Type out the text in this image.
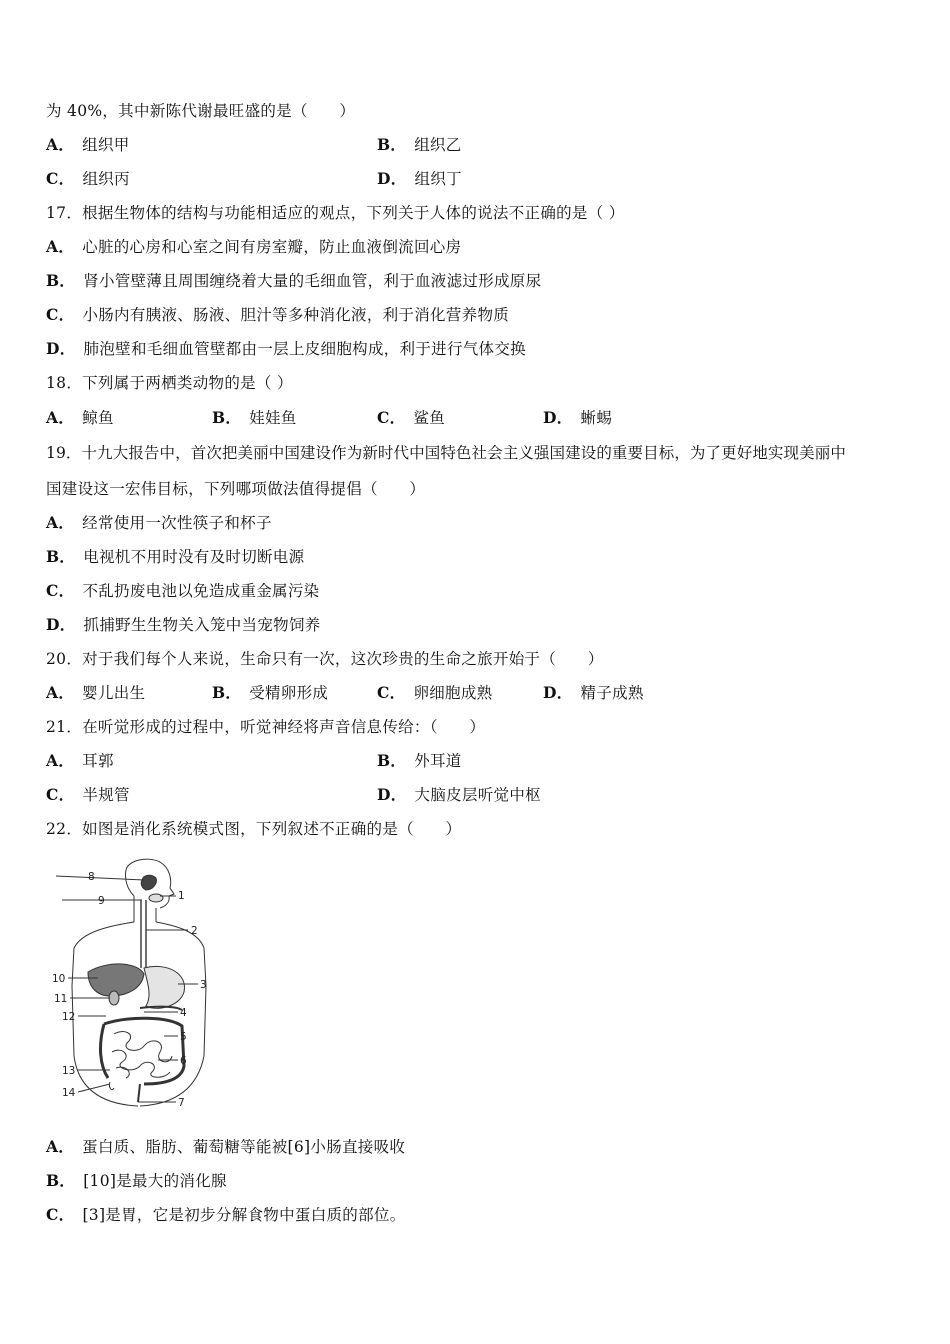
为 40%，其中新陈代谢最旺盛的是（　　）
A． 组织甲	B． 组织乙
C． 组织丙	D． 组织丁
17．根据生物体的结构与功能相适应的观点，下列关于人体的说法不正确的是（ ）
A． 心脏的心房和心室之间有房室瓣，防止血液倒流回心房
B． 肾小管壁薄且周围缠绕着大量的毛细血管，利于血液滤过形成原尿
C． 小肠内有胰液、肠液、胆汁等多种消化液，利于消化营养物质
D． 肺泡壁和毛细血管壁都由一层上皮细胞构成，利于进行气体交换
18．下列属于两栖类动物的是（ ）
A． 鲸鱼	B． 娃娃鱼	C． 鲨鱼	D． 蜥蜴
19．十九大报告中，首次把美丽中国建设作为新时代中国特色社会主义强国建设的重要目标，为了更好地实现美丽中
国建设这一宏伟目标，下列哪项做法值得提倡（　　）
A． 经常使用一次性筷子和杯子
B． 电视机不用时没有及时切断电源
C． 不乱扔废电池以免造成重金属污染
D． 抓捕野生生物关入笼中当宠物饲养
20．对于我们每个人来说，生命只有一次，这次珍贵的生命之旅开始于（　　）
A． 婴儿出生	B． 受精卵形成	C． 卵细胞成熟	D． 精子成熟
21．在听觉形成的过程中，听觉神经将声音信息传给：（　　）
A． 耳郭	B． 外耳道
C． 半规管	D． 大脑皮层听觉中枢
22．如图是消化系统模式图，下列叙述不正确的是（　　）
8
1
9
2
10	3
11
12	4
5
6
13
14
7
A． 蛋白质、脂肪、葡萄糖等能被[6]小肠直接吸收
B． [10]是最大的消化腺
C． [3]是胃，它是初步分解食物中蛋白质的部位。
